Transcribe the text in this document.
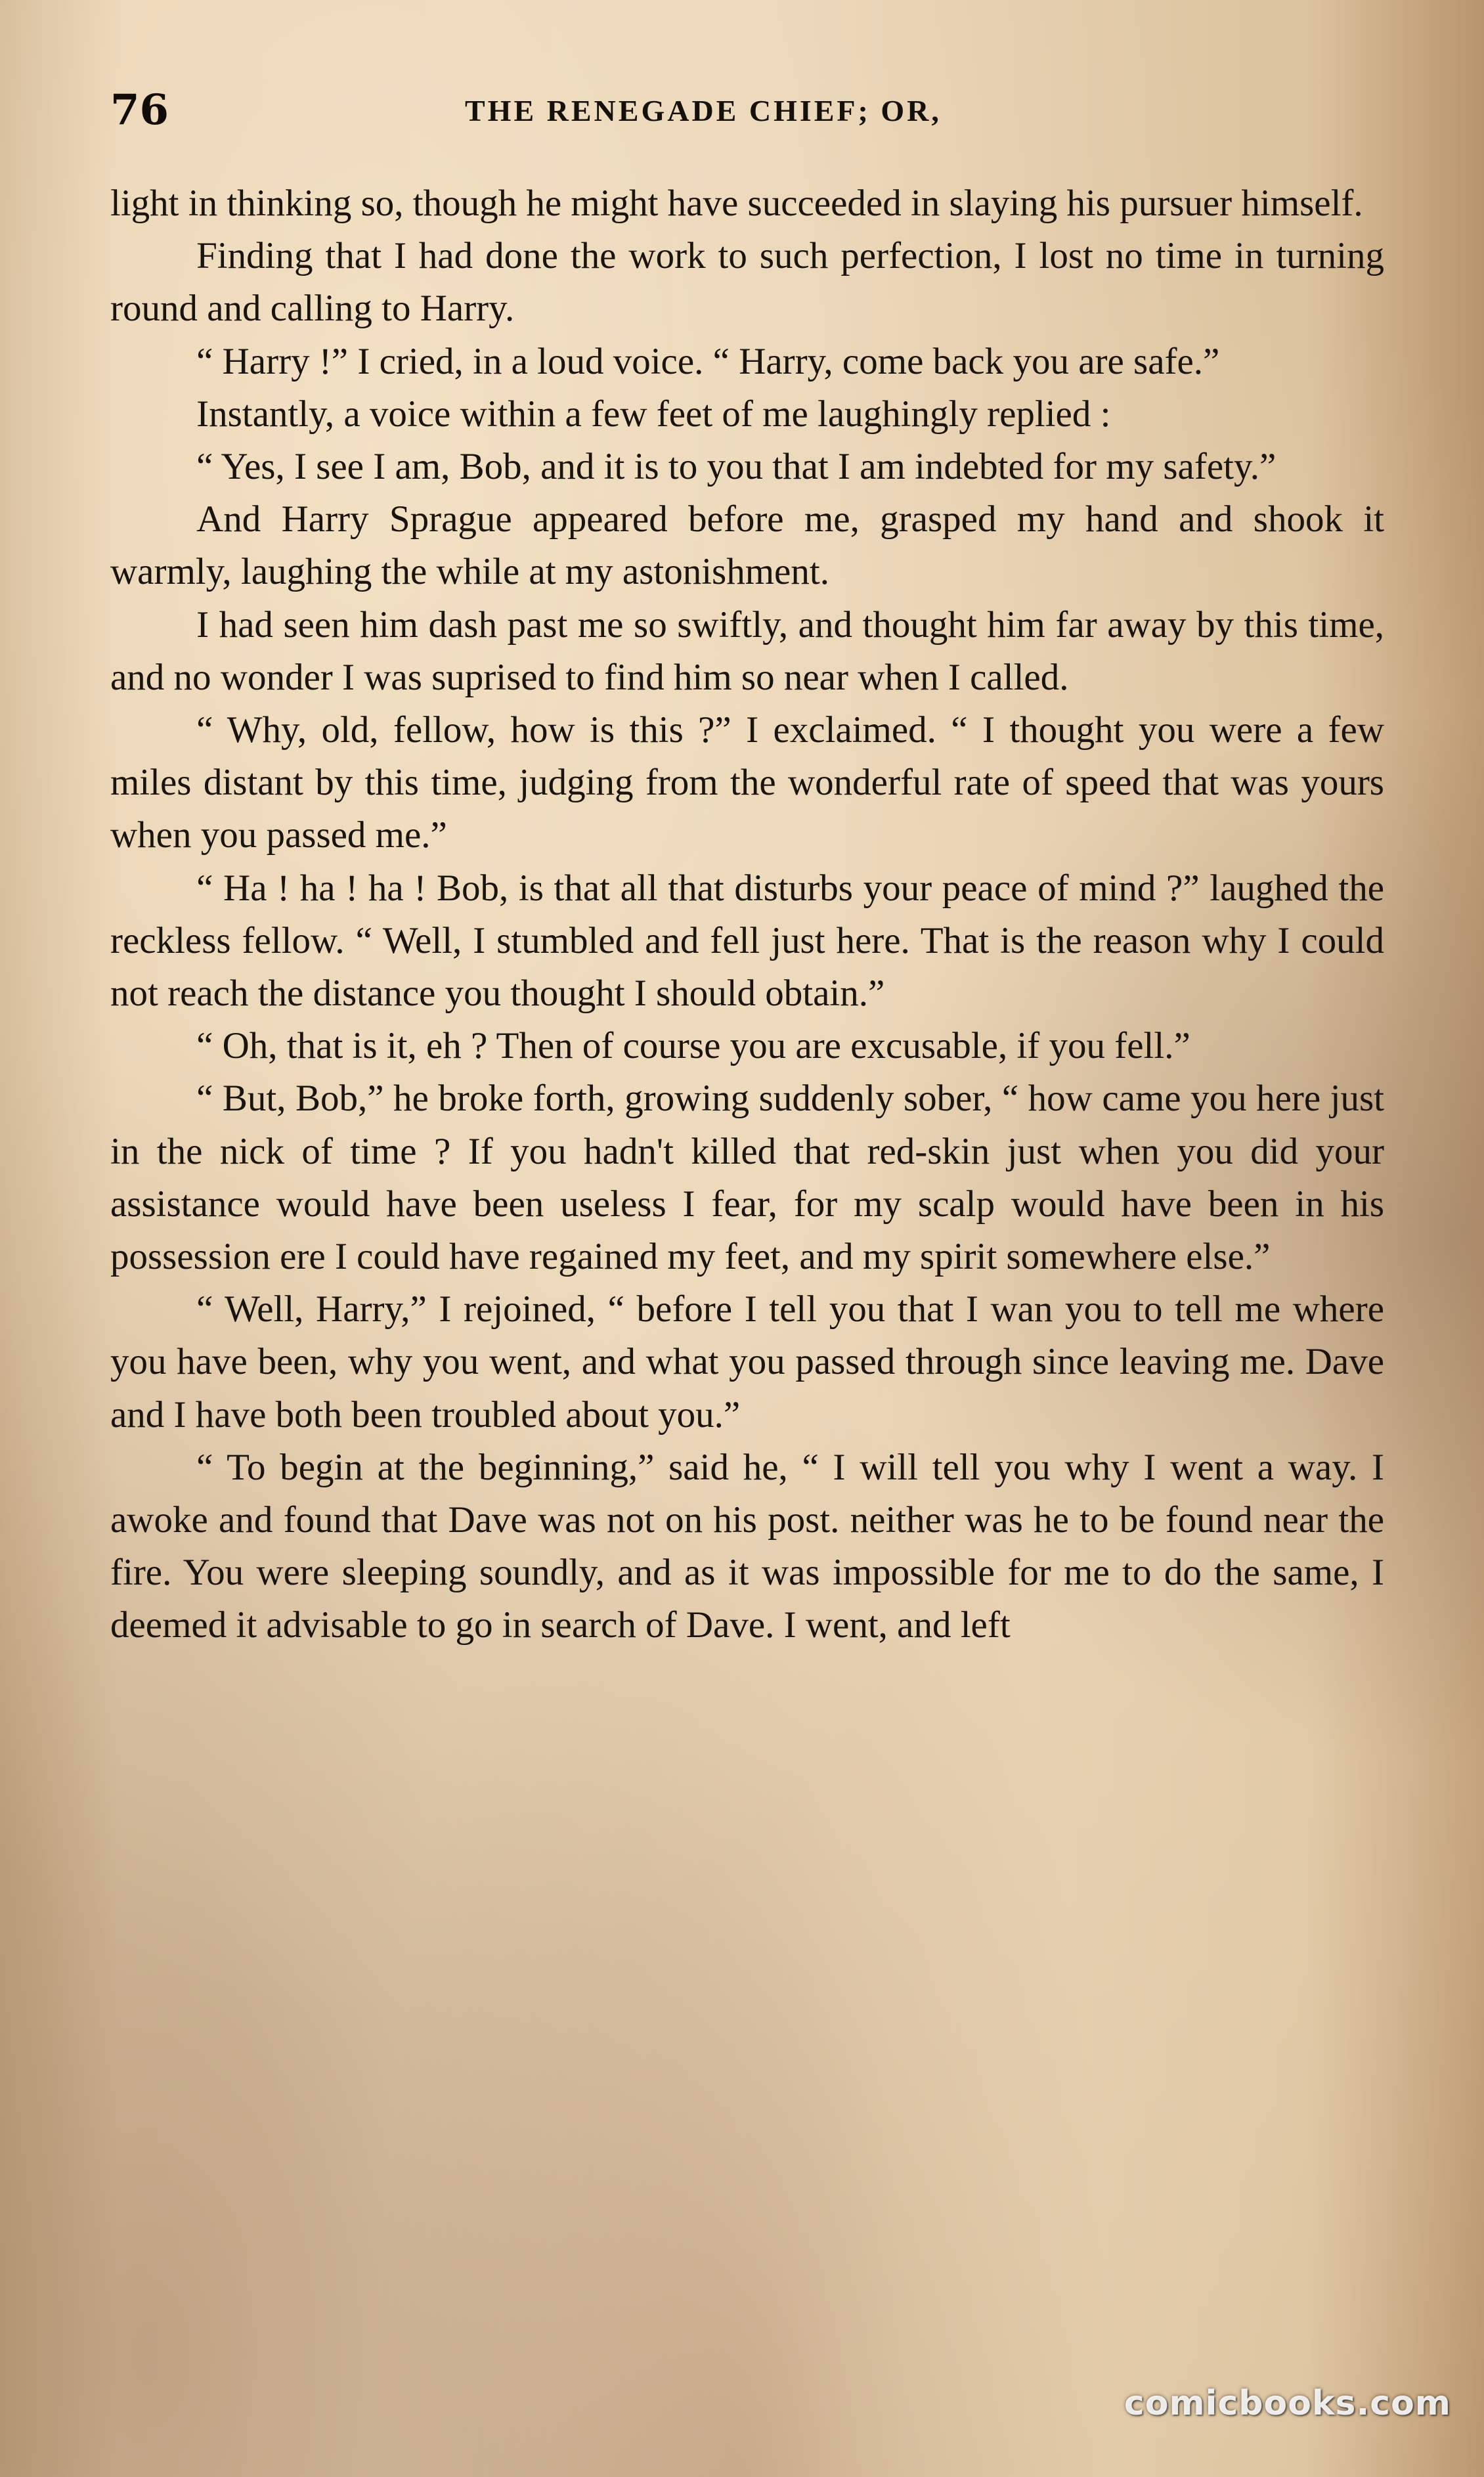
76	THE RENEGADE CHIEF; OR,

light in thinking so, though he might have succeeded in slaying his pursuer himself.

Finding that I had done the work to such perfection, I lost no time in turning round and calling to Harry.

“ Harry !” I cried, in a loud voice. “ Harry, come back you are safe.”

Instantly, a voice within a few feet of me laughingly replied :

“ Yes, I see I am, Bob, and it is to you that I am indebted for my safety.”

And Harry Sprague appeared before me, grasped my hand and shook it warmly, laughing the while at my astonishment.

I had seen him dash past me so swiftly, and thought him far away by this time, and no wonder I was suprised to find him so near when I called.

“ Why, old, fellow, how is this ?” I exclaimed. “ I thought you were a few miles distant by this time, judging from the wonderful rate of speed that was yours when you passed me.”

“ Ha ! ha ! ha ! Bob, is that all that disturbs your peace of mind ?” laughed the reckless fellow. “ Well, I stumbled and fell just here. That is the reason why I could not reach the distance you thought I should obtain.”

“ Oh, that is it, eh ? Then of course you are excusable, if you fell.”

“ But, Bob,” he broke forth, growing suddenly sober, “ how came you here just in the nick of time ? If you hadn't killed that red-skin just when you did your assistance would have been useless I fear, for my scalp would have been in his possession ere I could have regained my feet, and my spirit somewhere else.”

“ Well, Harry,” I rejoined, “ before I tell you that I wan you to tell me where you have been, why you went, and what you passed through since leaving me. Dave and I have both been troubled about you.”

“ To begin at the beginning,” said he, “ I will tell you why I went a way. I awoke and found that Dave was not on his post. neither was he to be found near the fire. You were sleeping soundly, and as it was impossible for me to do the same, I deemed it advisable to go in search of Dave. I went, and left

comicbooks.com
